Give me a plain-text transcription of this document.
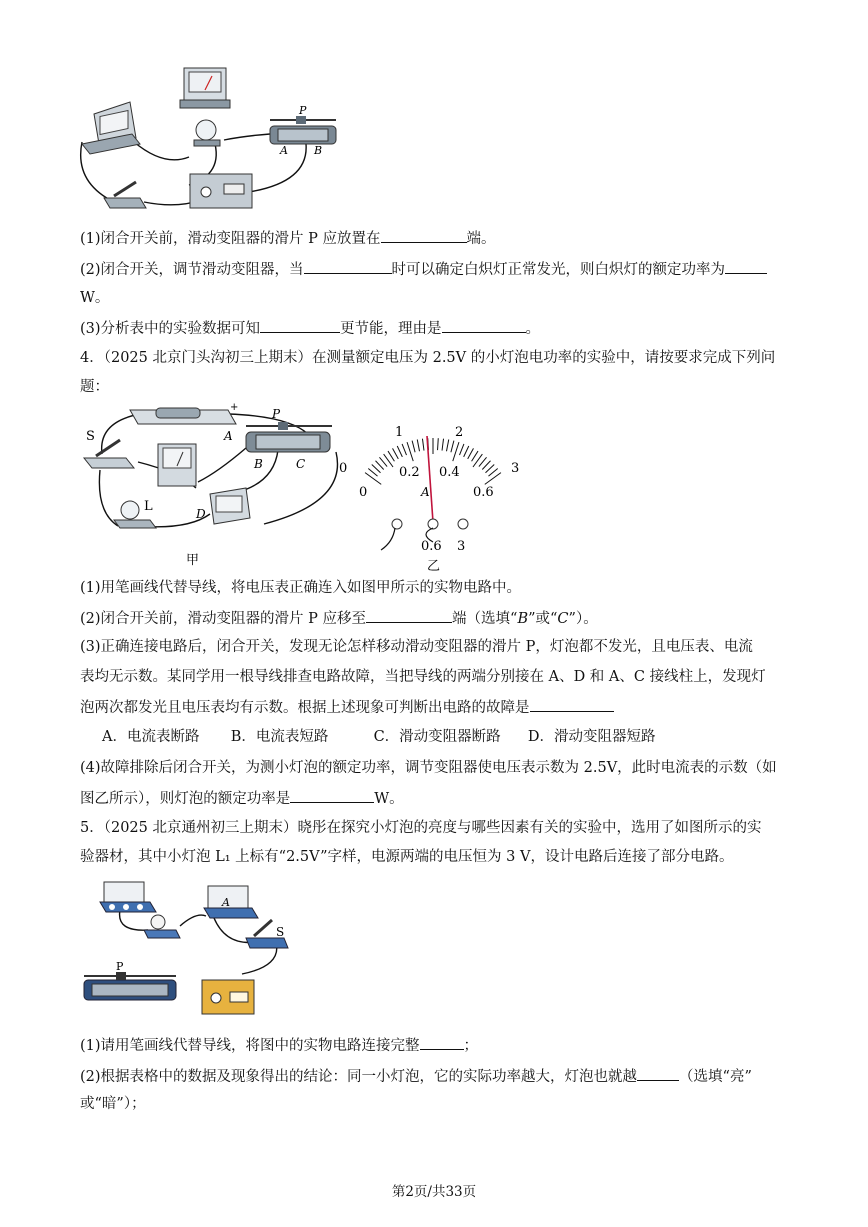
P
A B
(1)闭合开关前，滑动变阻器的滑片 P 应放置在	端。
(2)闭合开关，调节滑动变阻器，当	时可以确定白炽灯正常发光，则白炽灯的额定功率为
W。
(3)分析表中的实验数据可知	更节能，理由是	。
4．（2025 北京门头沟初三上期末）在测量额定电压为 2.5V 的小灯泡电功率的实验中，请按要求完成下列问
题：
+
S
P
A
B	C
L	D
甲
0
1	2
3
0
0.2 0.4
0.6
A
0.6 3
乙
(1)用笔画线代替导线，将电压表正确连入如图甲所示的实物电路中。
(2)闭合开关前，滑动变阻器的滑片 P 应移至	端（选填“B”或“C”）。
(3)正确连接电路后，闭合开关，发现无论怎样移动滑动变阻器的滑片 P，灯泡都不发光，且电压表、电流
表均无示数。某同学用一根导线排查电路故障，当把导线的两端分别接在 A、D 和 A、C 接线柱上，发现灯
泡两次都发光且电压表均有示数。根据上述现象可判断出电路的故障是
A．电流表断路 B．电流表短路	C．滑动变阻器断路 D．滑动变阻器短路
(4)故障排除后闭合开关，为测小灯泡的额定功率，调节变阻器使电压表示数为 2.5V，此时电流表的示数（如
图乙所示），则灯泡的额定功率是	W。
5．（2025 北京通州初三上期末）晓彤在探究小灯泡的亮度与哪些因素有关的实验中，选用了如图所示的实
验器材，其中小灯泡 L₁ 上标有“2.5V”字样，电源两端的电压恒为 3 V，设计电路后连接了部分电路。
A
S
P
(1)请用笔画线代替导线，将图中的实物电路连接完整	；
(2)根据表格中的数据及现象得出的结论：同一小灯泡，它的实际功率越大，灯泡也就越	（选填“亮”
或“暗”）；
第2页/共33页
